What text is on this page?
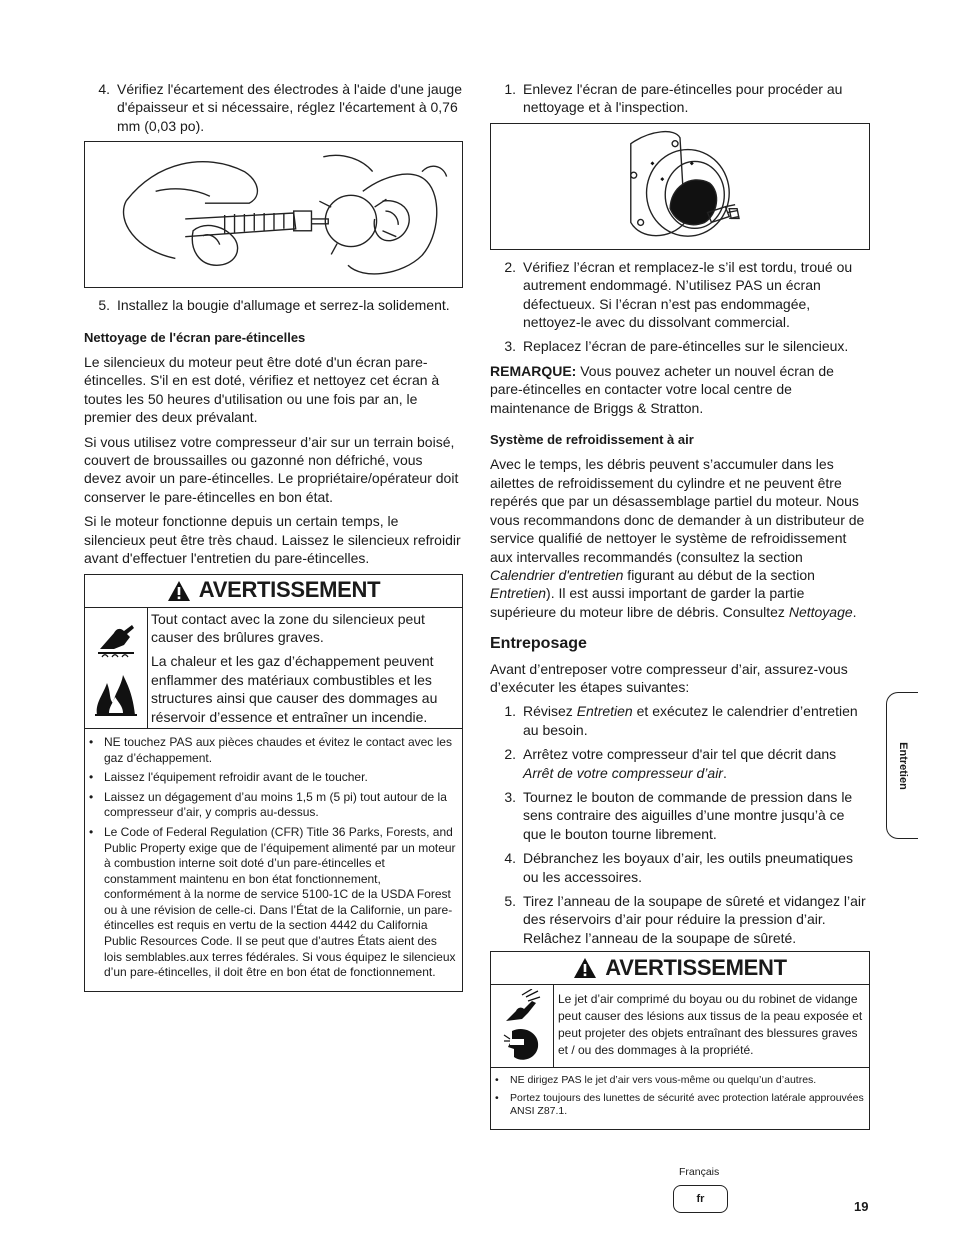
4. Vérifiez l'écartement des électrodes à l'aide d'une jauge d'épaisseur et si nécessaire, réglez l'écartement à 0,76 mm (0,03 po).
5. Installez la bougie d'allumage et serrez-la solidement.
Nettoyage de l'écran pare-étincelles

Le silencieux du moteur peut être doté d'un écran pare-étincelles. S'il en est doté, vérifiez et nettoyez cet écran à toutes les 50 heures d'utilisation ou une fois par an, le premier des deux prévalant.

Si vous utilisez votre compresseur d’air sur un terrain boisé, couvert de broussailles ou gazonné non défriché, vous devez avoir un pare-étincelles. Le propriétaire/opérateur doit conserver le pare-étincelles en bon état.

Si le moteur fonctionne depuis un certain temps, le silencieux peut être très chaud. Laissez le silencieux refroidir avant d'effectuer l'entretien du pare-étincelles.

AVERTISSEMENT

Tout contact avec la zone du silencieux peut causer des brûlures graves.

La chaleur et les gaz d’échappement peuvent enflammer des matériaux combustibles et les structures ainsi que causer des dommages au réservoir d’essence et entraîner un incendie.

• NE touchez PAS aux pièces chaudes et évitez le contact avec les gaz d’échappement.
• Laissez l'équipement refroidir avant de le toucher.
• Laissez un dégagement d’au moins 1,5 m (5 pi) tout autour de la compresseur d’air, y compris au-dessus.
• Le Code of Federal Regulation (CFR) Title 36 Parks, Forests, and Public Property exige que de l’équipement alimenté par un moteur à combustion interne soit doté d’un pare-étincelles et constamment maintenu en bon état fonctionnement, conformément à la norme de service 5100-1C de la USDA Forest ou à une révision de celle-ci. Dans l’État de la Californie, un pare-étincelles est requis en vertu de la section 4442 du California Public Resources Code. Il se peut que d’autres États aient des lois semblables.aux terres fédérales. Si vous équipez le silencieux d’un pare-étincelles, il doit être en bon état de fonctionnement.
1. Enlevez l'écran de pare-étincelles pour procéder au nettoyage et à l'inspection.
2. Vérifiez l’écran et remplacez-le s’il est tordu, troué ou autrement endommagé. N’utilisez PAS un écran défectueux. Si l’écran n’est pas endommagée, nettoyez-le avec du dissolvant commercial.
3. Replacez l’écran de pare-étincelles sur le silencieux.

REMARQUE: Vous pouvez acheter un nouvel écran de pare-étincelles en contacter votre local centre de maintenance de Briggs & Stratton.

Système de refroidissement à air

Avec le temps, les débris peuvent s’accumuler dans les ailettes de refroidissement du cylindre et ne peuvent être repérés que par un désassemblage partiel du moteur. Nous vous recommandons donc de demander à un distributeur de service qualifié de nettoyer le système de refroidissement aux intervalles recommandés (consultez la section Calendrier d'entretien figurant au début de la section Entretien). Il est aussi important de garder la partie supérieure du moteur libre de débris. Consultez Nettoyage.

Entreposage

Avant d’entreposer votre compresseur d’air, assurez-vous d’exécuter les étapes suivantes:

1. Révisez Entretien et exécutez le calendrier d’entretien au besoin.
2. Arrêtez votre compresseur d'air tel que décrit dans Arrêt de votre compresseur d’air.
3. Tournez le bouton de commande de pression dans le sens contraire des aiguilles d’une montre jusqu’à ce que le bouton tourne librement.
4. Débranchez les boyaux d’air, les outils pneumatiques ou les accessoires.
5. Tirez l’anneau de la soupape de sûreté et vidangez l’air des réservoirs d’air pour réduire la pression d’air. Relâchez l’anneau de la soupape de sûreté.
AVERTISSEMENT
Le jet d’air comprimé du boyau ou du robinet de vidange peut causer des lésions aux tissus de la peau exposée et peut projeter des objets entraînant des blessures graves et / ou des dommages à la propriété.
•	NE dirigez PAS le jet d’air vers vous-même ou quelqu’un d’autres.
•	Portez toujours des lunettes de sécurité avec protection latérale approuvées ANSI Z87.1.
Entretien
Français
fr	19
